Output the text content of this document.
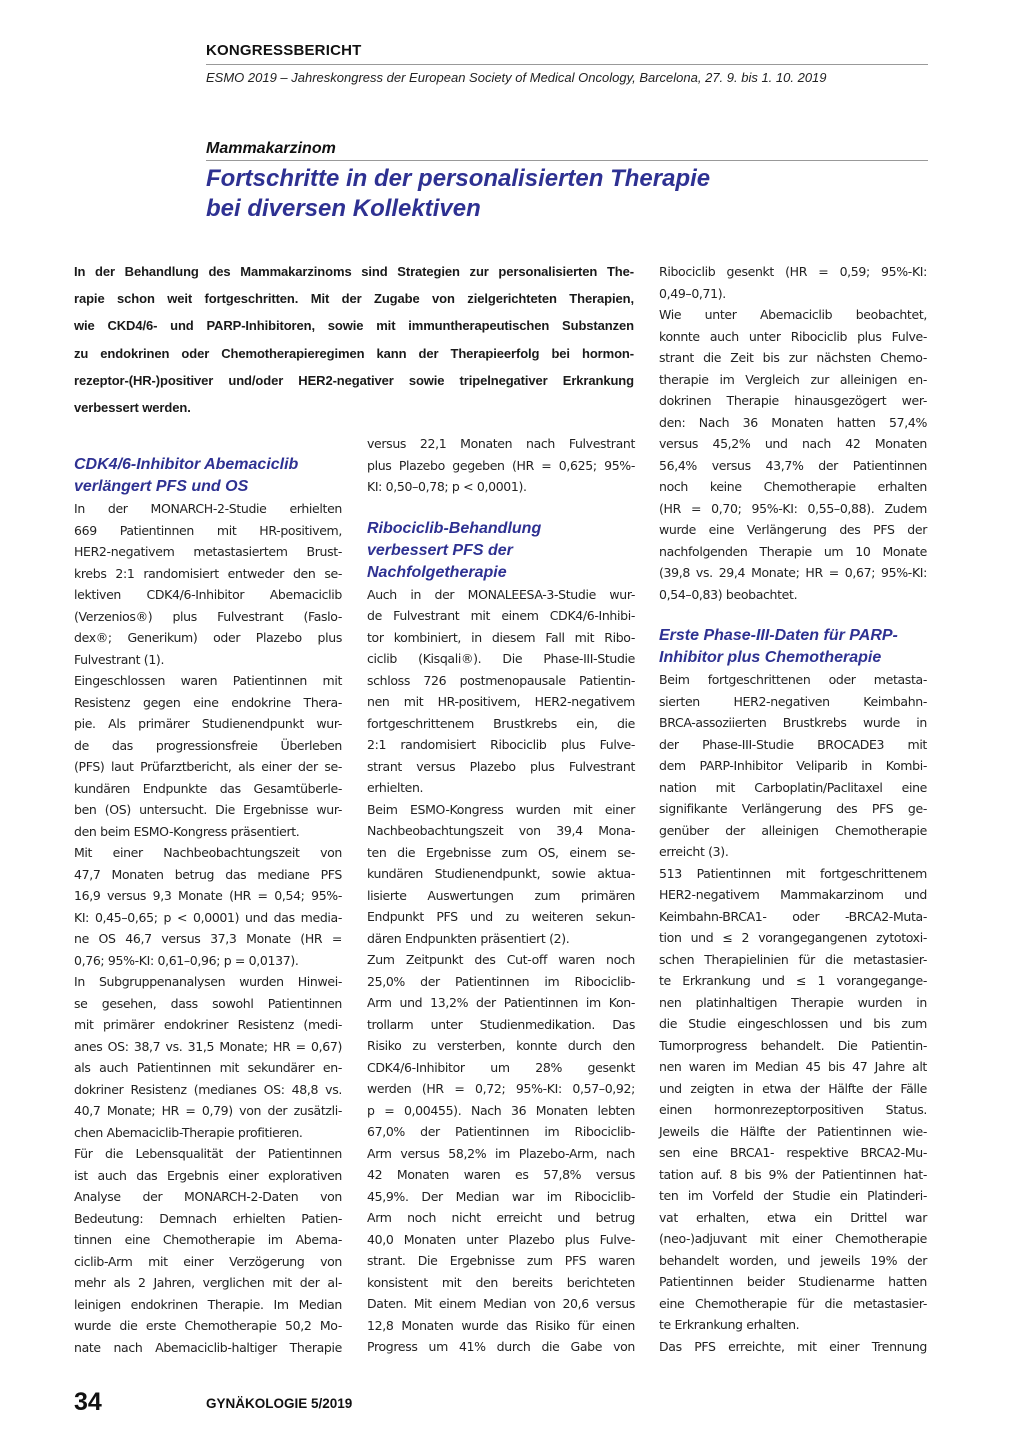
KONGRESSBERICHT
ESMO 2019 – Jahreskongress der European Society of Medical Oncology, Barcelona, 27. 9. bis 1. 10. 2019
Mammakarzinom
Fortschritte in der personalisierten Therapie
bei diversen Kollektiven
In der Behandlung des Mammakarzinoms sind Strategien zur personalisierten The-
rapie schon weit fortgeschritten. Mit der Zugabe von zielgerichteten Therapien,
wie CKD4/6- und PARP-Inhibitoren, sowie mit immuntherapeutischen Substanzen
zu endokrinen oder Chemotherapieregimen kann der Therapieerfolg bei hormon-
rezeptor-(HR-)positiver und/oder HER2-negativer sowie tripelnegativer Erkrankung
verbessert werden.
CDK4/6-Inhibitor Abemaciclib
verlängert PFS und OS
In der MONARCH-2-Studie erhielten
669 Patientinnen mit HR-positivem,
HER2-negativem metastasiertem Brust-
krebs 2:1 randomisiert entweder den se-
lektiven CDK4/6-Inhibitor Abemaciclib
(Verzenios®) plus Fulvestrant (Faslo-
dex®; Generikum) oder Plazebo plus
Fulvestrant (1).
Eingeschlossen waren Patientinnen mit
Resistenz gegen eine endokrine Thera-
pie. Als primärer Studienendpunkt wur-
de das progressionsfreie Überleben
(PFS) laut Prüfarztbericht, als einer der se-
kundären Endpunkte das Gesamtüberle-
ben (OS) untersucht. Die Ergebnisse wur-
den beim ESMO-Kongress präsentiert.
Mit einer Nachbeobachtungszeit von
47,7 Monaten betrug das mediane PFS
16,9 versus 9,3 Monate (HR = 0,54; 95%-
KI: 0,45–0,65; p < 0,0001) und das media-
ne OS 46,7 versus 37,3 Monate (HR =
0,76; 95%-KI: 0,61–0,96; p = 0,0137).
In Subgruppenanalysen wurden Hinwei-
se gesehen, dass sowohl Patientinnen
mit primärer endokriner Resistenz (medi-
anes OS: 38,7 vs. 31,5 Monate; HR = 0,67)
als auch Patientinnen mit sekundärer en-
dokriner Resistenz (medianes OS: 48,8 vs.
40,7 Monate; HR = 0,79) von der zusätzli-
chen Abemaciclib-Therapie profitieren.
Für die Lebensqualität der Patientinnen
ist auch das Ergebnis einer explorativen
Analyse der MONARCH-2-Daten von
Bedeutung: Demnach erhielten Patien-
tinnen eine Chemotherapie im Abema-
ciclib-Arm mit einer Verzögerung von
mehr als 2 Jahren, verglichen mit der al-
leinigen endokrinen Therapie. Im Median
wurde die erste Chemotherapie 50,2 Mo-
nate nach Abemaciclib-haltiger Therapie
versus 22,1 Monaten nach Fulvestrant
plus Plazebo gegeben (HR = 0,625; 95%-
KI: 0,50–0,78; p < 0,0001).
Ribociclib-Behandlung
verbessert PFS der
Nachfolgetherapie
Auch in der MONALEESA-3-Studie wur-
de Fulvestrant mit einem CDK4/6-Inhibi-
tor kombiniert, in diesem Fall mit Ribo-
ciclib (Kisqali®). Die Phase-III-Studie
schloss 726 postmenopausale Patientin-
nen mit HR-positivem, HER2-negativem
fortgeschrittenem Brustkrebs ein, die
2:1 randomisiert Ribociclib plus Fulve-
strant versus Plazebo plus Fulvestrant
erhielten.
Beim ESMO-Kongress wurden mit einer
Nachbeobachtungszeit von 39,4 Mona-
ten die Ergebnisse zum OS, einem se-
kundären Studienendpunkt, sowie aktua-
lisierte Auswertungen zum primären
Endpunkt PFS und zu weiteren sekun-
dären Endpunkten präsentiert (2).
Zum Zeitpunkt des Cut-off waren noch
25,0% der Patientinnen im Ribociclib-
Arm und 13,2% der Patientinnen im Kon-
trollarm unter Studienmedikation. Das
Risiko zu versterben, konnte durch den
CDK4/6-Inhibitor um 28% gesenkt
werden (HR = 0,72; 95%-KI: 0,57–0,92;
p = 0,00455). Nach 36 Monaten lebten
67,0% der Patientinnen im Ribociclib-
Arm versus 58,2% im Plazebo-Arm, nach
42 Monaten waren es 57,8% versus
45,9%. Der Median war im Ribociclib-
Arm noch nicht erreicht und betrug
40,0 Monaten unter Plazebo plus Fulve-
strant. Die Ergebnisse zum PFS waren
konsistent mit den bereits berichteten
Daten. Mit einem Median von 20,6 versus
12,8 Monaten wurde das Risiko für einen
Progress um 41% durch die Gabe von
Ribociclib gesenkt (HR = 0,59; 95%-KI:
0,49–0,71).
Wie unter Abemaciclib beobachtet,
konnte auch unter Ribociclib plus Fulve-
strant die Zeit bis zur nächsten Chemo-
therapie im Vergleich zur alleinigen en-
dokrinen Therapie hinausgezögert wer-
den: Nach 36 Monaten hatten 57,4%
versus 45,2% und nach 42 Monaten
56,4% versus 43,7% der Patientinnen
noch keine Chemotherapie erhalten
(HR = 0,70; 95%-KI: 0,55–0,88). Zudem
wurde eine Verlängerung des PFS der
nachfolgenden Therapie um 10 Monate
(39,8 vs. 29,4 Monate; HR = 0,67; 95%-KI:
0,54–0,83) beobachtet.
Erste Phase-III-Daten für PARP-
Inhibitor plus Chemotherapie
Beim fortgeschrittenen oder metasta-
sierten HER2-negativen Keimbahn-
BRCA-assoziierten Brustkrebs wurde in
der Phase-III-Studie BROCADE3 mit
dem PARP-Inhibitor Veliparib in Kombi-
nation mit Carboplatin/Paclitaxel eine
signifikante Verlängerung des PFS ge-
genüber der alleinigen Chemotherapie
erreicht (3).
513 Patientinnen mit fortgeschrittenem
HER2-negativem Mammakarzinom und
Keimbahn-BRCA1- oder -BRCA2-Muta-
tion und ≤ 2 vorangegangenen zytotoxi-
schen Therapielinien für die metastasier-
te Erkrankung und ≤ 1 vorangegange-
nen platinhaltigen Therapie wurden in
die Studie eingeschlossen und bis zum
Tumorprogress behandelt. Die Patientin-
nen waren im Median 45 bis 47 Jahre alt
und zeigten in etwa der Hälfte der Fälle
einen hormonrezeptorpositiven Status.
Jeweils die Hälfte der Patientinnen wie-
sen eine BRCA1- respektive BRCA2-Mu-
tation auf. 8 bis 9% der Patientinnen hat-
ten im Vorfeld der Studie ein Platinderi-
vat erhalten, etwa ein Drittel war
(neo-)adjuvant mit einer Chemotherapie
behandelt worden, und jeweils 19% der
Patientinnen beider Studienarme hatten
eine Chemotherapie für die metastasier-
te Erkrankung erhalten.
Das PFS erreichte, mit einer Trennung
34	GYNÄKOLOGIE 5/2019
